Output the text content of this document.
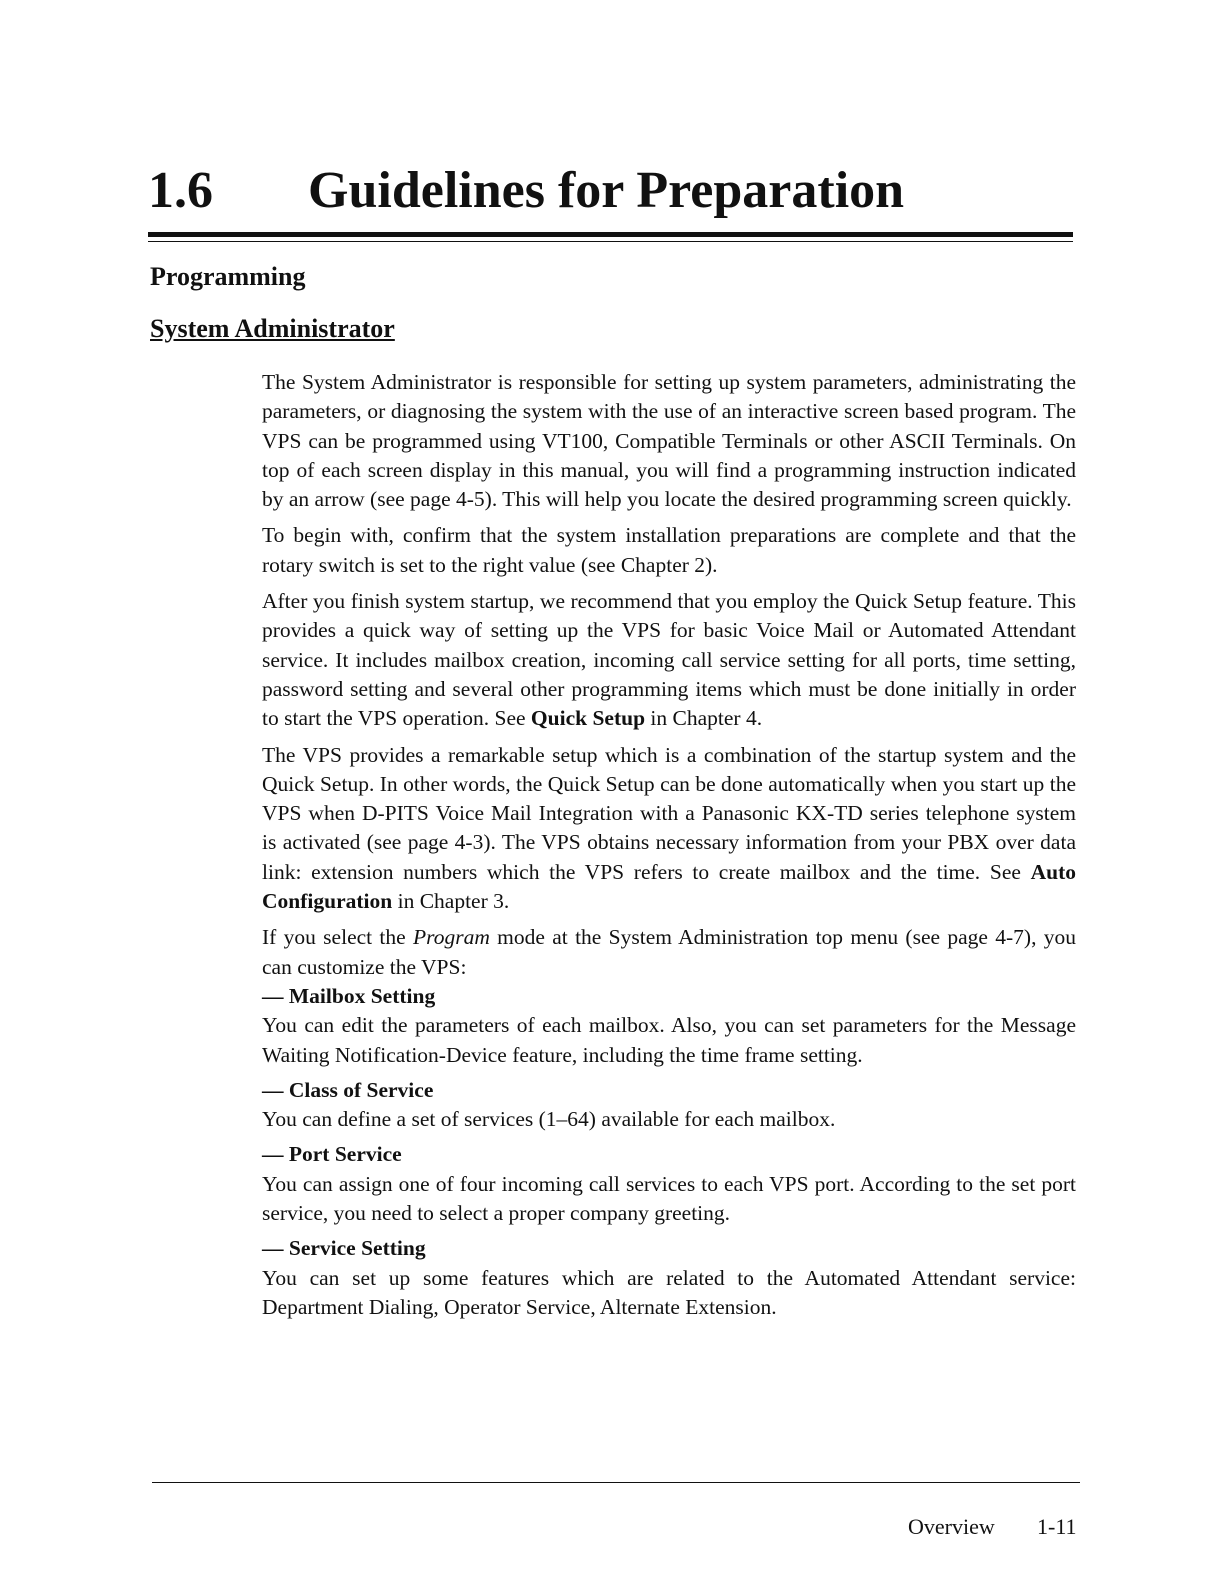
1.6 Guidelines for Preparation
Programming
System Administrator

The System Administrator is responsible for setting up system parameters, administrating the parameters, or diagnosing the system with the use of an interactive screen based program. The VPS can be programmed using VT100, Compatible Terminals or other ASCII Terminals. On top of each screen display in this manual, you will find a programming instruction indicated by an arrow (see page 4-5). This will help you locate the desired programming screen quickly.

To begin with, confirm that the system installation preparations are complete and that the rotary switch is set to the right value (see Chapter 2).

After you finish system startup, we recommend that you employ the Quick Setup feature. This provides a quick way of setting up the VPS for basic Voice Mail or Automated Attendant service. It includes mailbox creation, incoming call service setting for all ports, time setting, password setting and several other programming items which must be done initially in order to start the VPS operation. See Quick Setup in Chapter 4.

The VPS provides a remarkable setup which is a combination of the startup system and the Quick Setup. In other words, the Quick Setup can be done automatically when you start up the VPS when D-PITS Voice Mail Integration with a Panasonic KX-TD series telephone system is activated (see page 4-3). The VPS obtains necessary information from your PBX over data link: extension numbers which the VPS refers to create mailbox and the time. See Auto Configuration in Chapter 3.

If you select the Program mode at the System Administration top menu (see page 4-7), you can customize the VPS:

— Mailbox Setting
You can edit the parameters of each mailbox. Also, you can set parameters for the Message Waiting Notification-Device feature, including the time frame setting.
— Class of Service
You can define a set of services (1–64) available for each mailbox.
— Port Service
You can assign one of four incoming call services to each VPS port. According to the set port service, you need to select a proper company greeting.
— Service Setting
You can set up some features which are related to the Automated Attendant service: Department Dialing, Operator Service, Alternate Extension.
Overview 1-11
